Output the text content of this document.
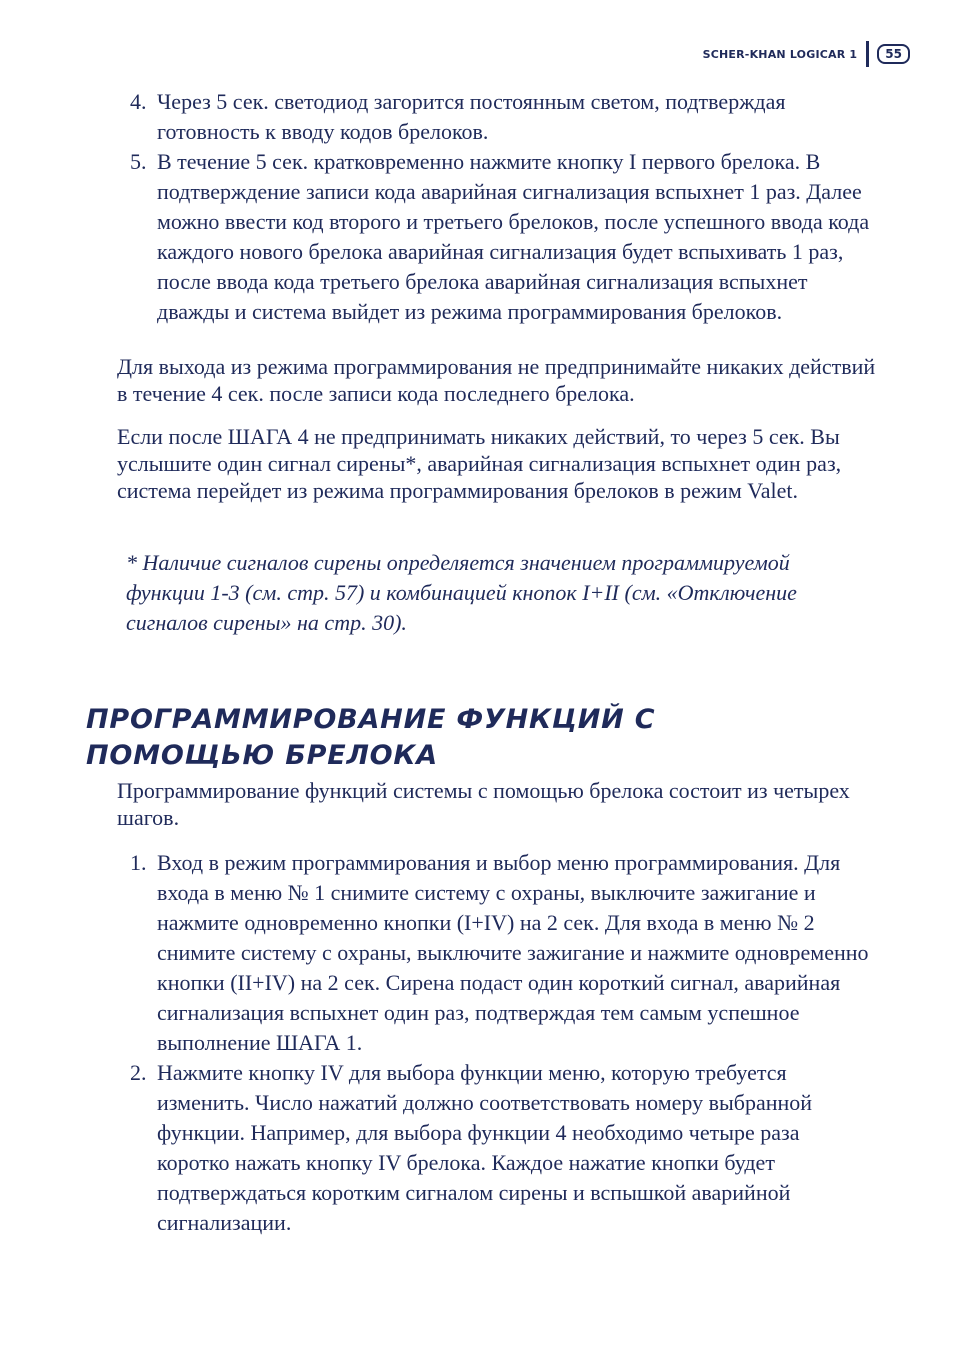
SCHER-KHAN LOGICAR 1	55
4. Через 5 сек. светодиод загорится постоянным светом, подтверждая готовность к вводу кодов брелоков.
5. В течение 5 сек. кратковременно нажмите кнопку I первого брелока. В подтверждение записи кода аварийная сигнализация вспыхнет 1 раз. Далее можно ввести код второго и третьего брелоков, после успешного ввода кода каждого нового брелока аварийная сигнализация будет вспыхивать 1 раз, после ввода кода третьего брелока аварийная сигнализация вспыхнет дважды и система выйдет из режима программирования брелоков.

Для выхода из режима программирования не предпринимайте никаких действий в течение 4 сек. после записи кода последнего брелока.

Если после ШАГА 4 не предпринимать никаких действий, то через 5 сек. Вы услышите один сигнал сирены*, аварийная сигнализация вспыхнет один раз, система перейдет из режима программирования брелоков в режим Valet.

* Наличие сигналов сирены определяется значением программируемой функции 1-3 (см. стр. 57) и комбинацией кнопок I+II (см. «Отключение сигналов сирены» на стр. 30).

ПРОГРАММИРОВАНИЕ ФУНКЦИЙ С ПОМОЩЬЮ БРЕЛОКА

Программирование функций системы с помощью брелока состоит из четырех шагов.

1. Вход в режим программирования и выбор меню программирования. Для входа в меню № 1 снимите систему с охраны, выключите зажигание и нажмите одновременно кнопки (I+IV) на 2 сек. Для входа в меню № 2 снимите систему с охраны, выключите зажигание и нажмите одновременно кнопки (II+IV) на 2 сек. Сирена подаст один короткий сигнал, аварийная сигнализация вспыхнет один раз, подтверждая тем самым успешное выполнение ШАГА 1.
2. Нажмите кнопку IV для выбора функции меню, которую требуется изменить. Число нажатий должно соответствовать номеру выбранной функции. Например, для выбора функции 4 необходимо четыре раза коротко нажать кнопку IV брелока. Каждое нажатие кнопки будет подтверждаться коротким сигналом сирены и вспышкой аварийной сигнализации.
